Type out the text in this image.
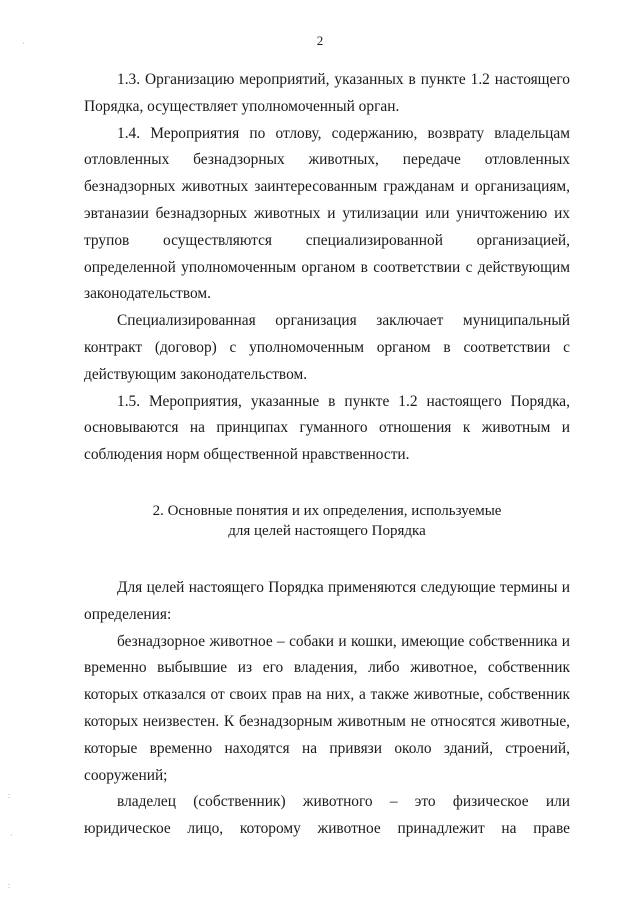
2

1.3. Организацию мероприятий, указанных в пункте 1.2 настоящего Порядка, осуществляет уполномоченный орган.

1.4. Мероприятия по отлову, содержанию, возврату владельцам отловленных безнадзорных животных, передаче отловленных безнадзорных животных заинтересованным гражданам и организациям, эвтаназии безнадзорных животных и утилизации или уничтожению их трупов осуществляются специализированной организацией, определенной уполномоченным органом в соответствии с действующим законодательством.

Специализированная организация заключает муниципальный контракт (договор) с уполномоченным органом в соответствии с действующим законодательством.

1.5. Мероприятия, указанные в пункте 1.2 настоящего Порядка, основываются на принципах гуманного отношения к животным и соблюдения норм общественной нравственности.

2. Основные понятия и их определения, используемые
для целей настоящего Порядка

Для целей настоящего Порядка применяются следующие термины и определения:

безнадзорное животное – собаки и кошки, имеющие собственника и временно выбывшие из его владения, либо животное, собственник которых отказался от своих прав на них, а также животные, собственник которых неизвестен. К безнадзорным животным не относятся животные, которые временно находятся на привязи около зданий, строений, сооружений;

владелец (собственник) животного – это физическое или юридическое лицо, которому животное принадлежит на праве

·
:
·
:
